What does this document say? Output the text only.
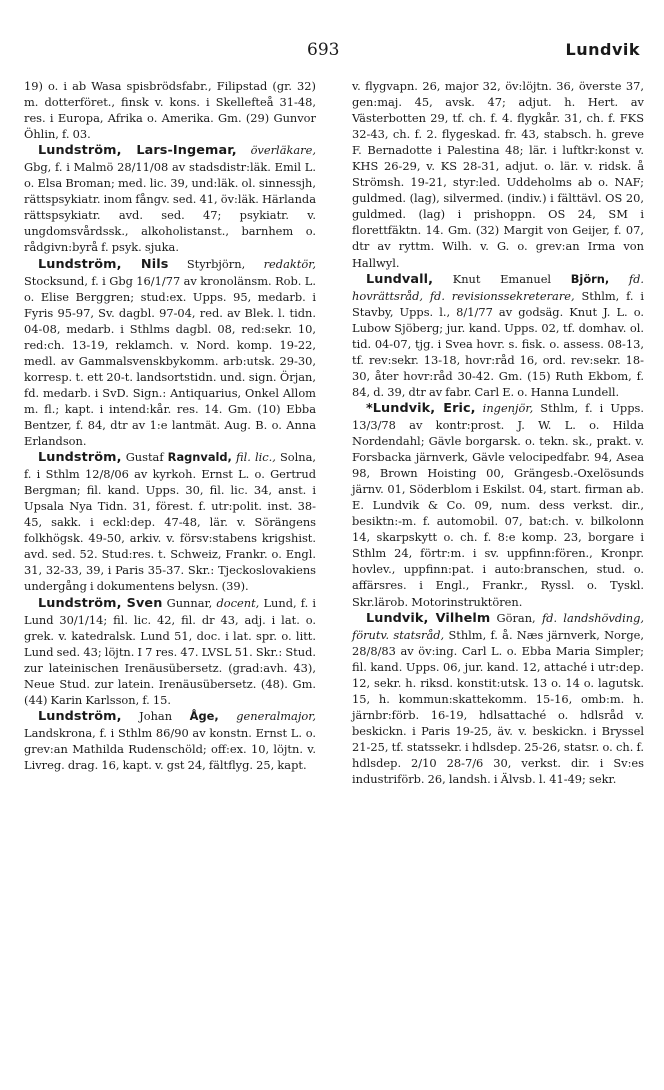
693	Lundvik

19) o. i ab Wasa spisbrödsfabr., Filipstad (gr. 32) m. dotterföret., finsk v. kons. i Skellefteå 31-48, res. i Europa, Afrika o. Amerika. Gm. (29) Gunvor Öhlin, f. 03.

Lundström, Lars-Ingemar, överläkare, Gbg, f. i Malmö 28/11/08 av stadsdistr:läk. Emil L. o. Elsa Broman; med. lic. 39, und:läk. ol. sinnessjh, rättspsykiatr. inom fångv. sed. 41, öv:läk. Härlanda rättspsykiatr. avd. sed. 47; psykiatr. v. ungdomsvårdssk., alkoholistanst., barnhem o. rådgivn:byrå f. psyk. sjuka.

Lundström, Nils Styrbjörn, redaktör, Stocksund, f. i Gbg 16/1/77 av kronolänsm. Rob. L. o. Elise Berggren; stud:ex. Upps. 95, medarb. i Fyris 95-97, Sv. dagbl. 97-04, red. av Blek. l. tidn. 04-08, medarb. i Sthlms dagbl. 08, red:sekr. 10, red:ch. 13-19, reklamch. v. Nord. komp. 19-22, medl. av Gammalsvenskbykomm. arb:utsk. 29-30, korresp. t. ett 20-t. landsortstidn. und. sign. Örjan, fd. medarb. i SvD. Sign.: Antiquarius, Onkel Allom m. fl.; kapt. i intend:kår. res. 14. Gm. (10) Ebba Bentzer, f. 84, dtr av 1:e lantmät. Aug. B. o. Anna Erlandson.

Lundström, Gustaf Ragnvald, fil. lic., Solna, f. i Sthlm 12/8/06 av kyrkoh. Ernst L. o. Gertrud Bergman; fil. kand. Upps. 30, fil. lic. 34, anst. i Upsala Nya Tidn. 31, förest. f. utr:polit. inst. 38-45, sakk. i eckl:dep. 47-48, lär. v. Sörängens folkhögsk. 49-50, arkiv. v. försv:stabens krigshist. avd. sed. 52. Stud:res. t. Schweiz, Frankr. o. Engl. 31, 32-33, 39, i Paris 35-37. Skr.: Tjeckoslovakiens undergång i dokumentens belysn. (39).

Lundström, Sven Gunnar, docent, Lund, f. i Lund 30/1/14; fil. lic. 42, fil. dr 43, adj. i lat. o. grek. v. katedralsk. Lund 51, doc. i lat. spr. o. litt. Lund sed. 43; löjtn. I 7 res. 47. LVSL 51. Skr.: Stud. zur lateinischen Irenäusübersetz. (grad:avh. 43), Neue Stud. zur latein. Irenäusübersetz. (48). Gm. (44) Karin Karlsson, f. 15.

Lundström, Johan Åge, generalmajor, Landskrona, f. i Sthlm 86/90 av konstn. Ernst L. o. grev:an Mathilda Rudenschöld; off:ex. 10, löjtn. v. Livreg. drag. 16, kapt. v. gst 24, fältflyg. 25, kapt.

v. flygvapn. 26, major 32, öv:löjtn. 36, överste 37, gen:maj. 45, avsk. 47; adjut. h. Hert. av Västerbotten 29, tf. ch. f. 4. flygkår. 31, ch. f. FKS 32-43, ch. f. 2. flygeskad. fr. 43, stabsch. h. greve F. Bernadotte i Palestina 48; lär. i luftkr:konst v. KHS 26-29, v. KS 28-31, adjut. o. lär. v. ridsk. å Strömsh. 19-21, styr:led. Uddeholms ab o. NAF; guldmed. (lag), silvermed. (indiv.) i fälttävl. OS 20, guldmed. (lag) i prishoppn. OS 24, SM i florettfäktn. 14. Gm. (32) Margit von Geijer, f. 07, dtr av ryttm. Wilh. v. G. o. grev:an Irma von Hallwyl.

Lundvall, Knut Emanuel Björn, fd. hovrättsråd, fd. revisionssekreterare, Sthlm, f. i Stavby, Upps. l., 8/1/77 av godsäg. Knut J. L. o. Lubow Sjöberg; jur. kand. Upps. 02, tf. domhav. ol. tid. 04-07, tjg. i Svea hovr. s. fisk. o. assess. 08-13, tf. rev:sekr. 13-18, hovr:råd 16, ord. rev:sekr. 18-30, åter hovr:råd 30-42. Gm. (15) Ruth Ekbom, f. 84, d. 39, dtr av fabr. Carl E. o. Hanna Lundell.

*Lundvik, Eric, ingenjör, Sthlm, f. i Upps. 13/3/78 av kontr:prost. J. W. L. o. Hilda Nordendahl; Gävle borgarsk. o. tekn. sk., prakt. v. Forsbacka järnverk, Gävle velocipedfabr. 94, Asea 98, Brown Hoisting 00, Grängesb.-Oxelösunds järnv. 01, Söderblom i Eskilst. 04, start. firman ab. E. Lundvik & Co. 09, num. dess verkst. dir., besiktn:-m. f. automobil. 07, bat:ch. v. bilkolonn 14, skarpskytt o. ch. f. 8:e komp. 23, borgare i Sthlm 24, förtr:m. i sv. uppfinn:fören., Kronpr. hovlev., uppfinn:pat. i auto:branschen, stud. o. affärsres. i Engl., Frankr., Ryssl. o. Tyskl. Skr.lärob. Motorinstruktören.

Lundvik, Vilhelm Göran, fd. landshövding, förutv. statsråd, Sthlm, f. å. Næs järnverk, Norge, 28/8/83 av öv:ing. Carl L. o. Ebba Maria Simpler; fil. kand. Upps. 06, jur. kand. 12, attaché i utr:dep. 12, sekr. h. riksd. konstit:utsk. 13 o. 14 o. lagutsk. 15, h. kommun:skattekomm. 15-16, omb:m. h. järnbr:förb. 16-19, hdlsattaché o. hdlsråd v. beskickn. i Paris 19-25, äv. v. beskickn. i Bryssel 21-25, tf. statssekr. i hdlsdep. 25-26, statsr. o. ch. f. hdlsdep. 2/10 28-7/6 30, verkst. dir. i Sv:es industriförb. 26, landsh. i Älvsb. l. 41-49; sekr.
